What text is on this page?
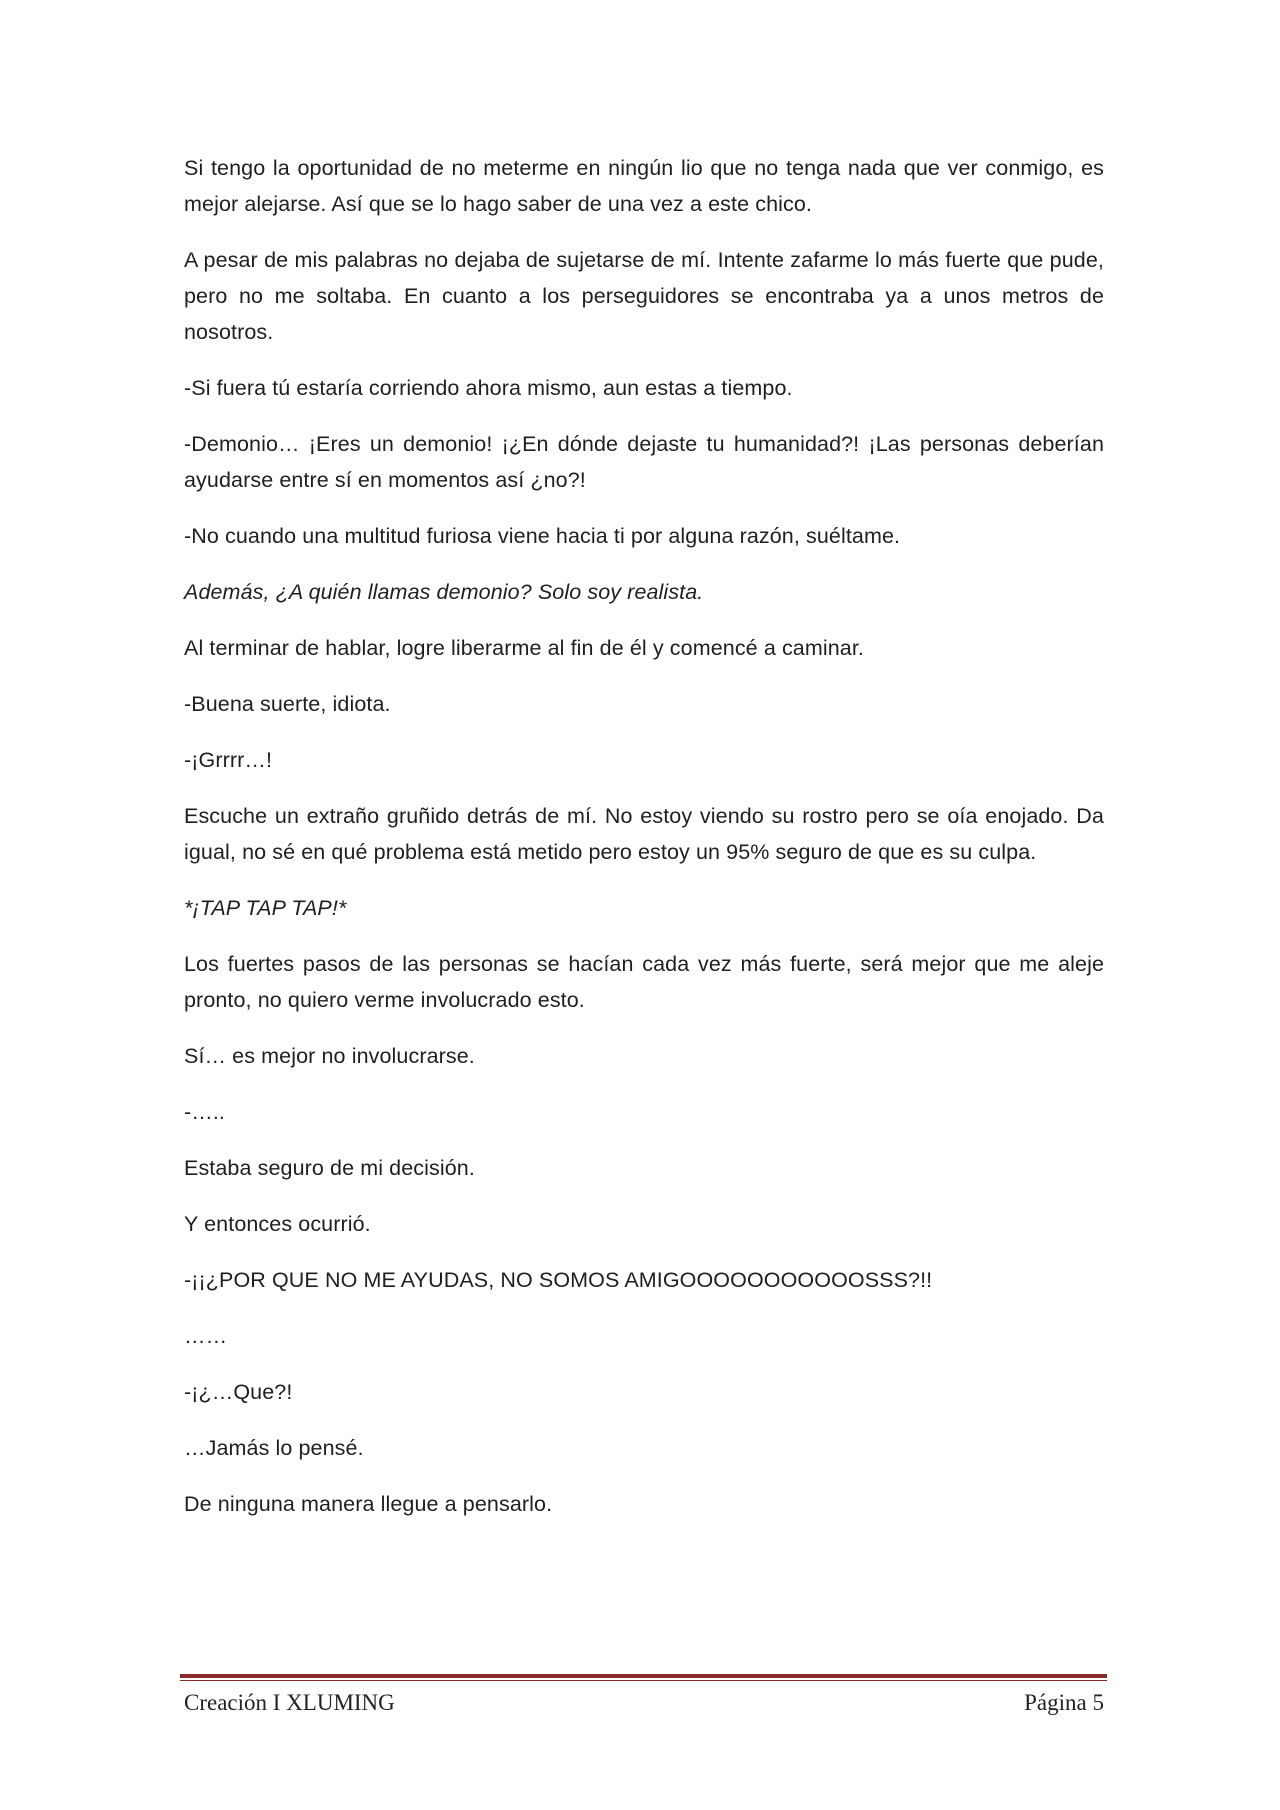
Si tengo la oportunidad de no meterme en ningún lio que no tenga nada que ver conmigo, es mejor alejarse. Así que se lo hago saber de una vez a este chico.

A pesar de mis palabras no dejaba de sujetarse de mí. Intente zafarme lo más fuerte que pude, pero no me soltaba. En cuanto a los perseguidores se encontraba ya a unos metros de nosotros.

-Si fuera tú estaría corriendo ahora mismo, aun estas a tiempo.

-Demonio… ¡Eres un demonio! ¡¿En dónde dejaste tu humanidad?! ¡Las personas deberían ayudarse entre sí en momentos así ¿no?!

-No cuando una multitud furiosa viene hacia ti por alguna razón, suéltame.

Además, ¿A quién llamas demonio? Solo soy realista.

Al terminar de hablar, logre liberarme al fin de él y comencé a caminar.

-Buena suerte, idiota.

-¡Grrrr…!

Escuche un extraño gruñido detrás de mí. No estoy viendo su rostro pero se oía enojado. Da igual, no sé en qué problema está metido pero estoy un 95% seguro de que es su culpa.

*¡TAP TAP TAP!*

Los fuertes pasos de las personas se hacían cada vez más fuerte, será mejor que me aleje pronto, no quiero verme involucrado esto.

Sí… es mejor no involucrarse.

-…..

Estaba seguro de mi decisión.

Y entonces ocurrió.

-¡¡¿POR QUE NO ME AYUDAS, NO SOMOS AMIGOOOOOOOOOOOSSS?!!

……

-¡¿…Que?!

…Jamás lo pensé.

De ninguna manera llegue a pensarlo.

Creación I XLUMING	Página 5
